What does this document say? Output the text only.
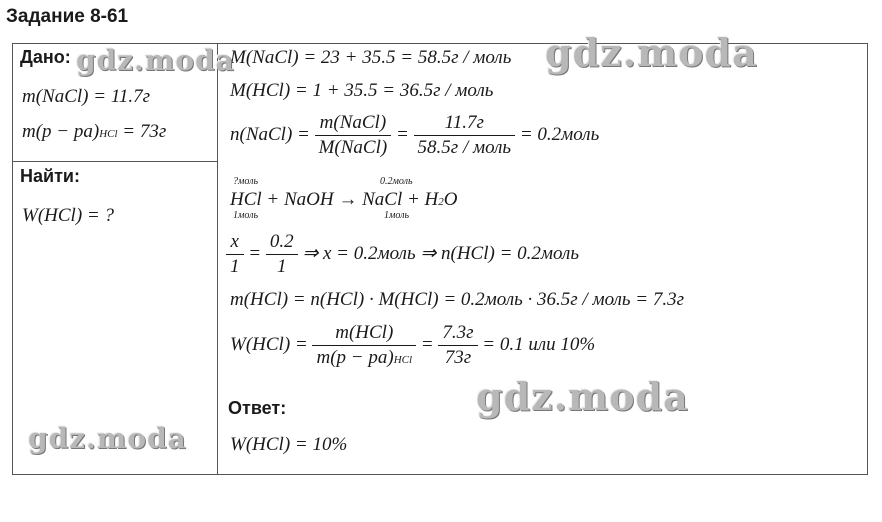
Задание 8-61
Дано:
m(NaCl) = 11.7г
m(p − pa)HCl = 73г
Найти:
W(HCl) = ?
M(NaCl) = 23 + 35.5 = 58.5г / моль
M(HCl) = 1 + 35.5 = 36.5г / моль
n(NaCl) = $\frac{\text{m(NaCl)}}{\text{M(NaCl)}} = \frac{11.7г}{\text{58.5г / моль}}$ = 0.2моль
?моль	0.2моль
HCl + NaOH → NaCl + H2O
1моль	1моль
$\frac{x}{1} = \frac{0.2}{1}$ ⇒ x = 0.2моль ⇒ n(HCl) = 0.2моль
m(HCl) = n(HCl) · M(HCl) = 0.2моль · 36.5г / моль = 7.3г
$W(HCl) = \frac{\text{m(HCl)}}{\text{m(p − pa)HCl}} = \frac{7.3г}{73г} = 0.1$ или 10%
Ответ:
W(HCl) = 10%
gdz.moda	gdz.moda
gdz.moda
gdz.moda
